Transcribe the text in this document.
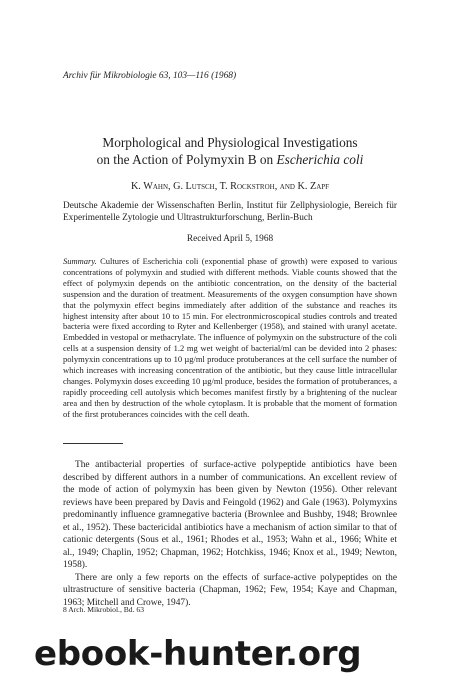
Archiv für Mikrobiologie 63, 103—116 (1968)
Morphological and Physiological Investigations
on the Action of Polymyxin B on Escherichia coli
K. Wahn, G. Lutsch, T. Rockstroh, and K. Zapf
Deutsche Akademie der Wissenschaften Berlin, Institut für Zellphysiologie, Bereich für Experimentelle Zytologie und Ultrastrukturforschung, Berlin-Buch
Received April 5, 1968
Summary. Cultures of Escherichia coli (exponential phase of growth) were exposed to various concentrations of polymyxin and studied with different methods. Viable counts showed that the effect of polymyxin depends on the antibiotic concentration, on the density of the bacterial suspension and the duration of treatment. Measurements of the oxygen consumption have shown that the polymyxin effect begins immediately after addition of the substance and reaches its highest intensity after about 10 to 15 min. For electronmicroscopical studies controls and treated bacteria were fixed according to Ryter and Kellenberger (1958), and stained with uranyl acetate. Embedded in vestopal or methacrylate. The influence of polymyxin on the substructure of the coli cells at a suspension density of 1.2 mg wet weight of bacterial/ml can be devided into 2 phases: polymyxin concentrations up to 10 µg/ml produce protuberances at the cell surface the number of which increases with increasing concentration of the antibiotic, but they cause little intracellular changes. Polymyxin doses exceeding 10 µg/ml produce, besides the formation of protuberances, a rapidly proceeding cell autolysis which becomes manifest firstly by a brightening of the nuclear area and then by destruction of the whole cytoplasm. It is probable that the moment of formation of the first protuberances coincides with the cell death.

The antibacterial properties of surface-active polypeptide antibiotics have been described by different authors in a number of communications. An excellent review of the mode of action of polymyxin has been given by Newton (1956). Other relevant reviews have been prepared by Davis and Feingold (1962) and Gale (1963). Polymyxins predominantly influence gramnegative bacteria (Brownlee and Bushby, 1948; Brownlee et al., 1952). These bactericidal antibiotics have a mechanism of action similar to that of cationic detergents (Sous et al., 1961; Rhodes et al., 1953; Wahn et al., 1966; White et al., 1949; Chaplin, 1952; Chapman, 1962; Hotchkiss, 1946; Knox et al., 1949; Newton, 1958).

There are only a few reports on the effects of surface-active polypeptides on the ultrastructure of sensitive bacteria (Chapman, 1962; Few, 1954; Kaye and Chapman, 1963; Mitchell and Crowe, 1947).

8 Arch. Mikrobiol., Bd. 63
ebook-hunter.org
